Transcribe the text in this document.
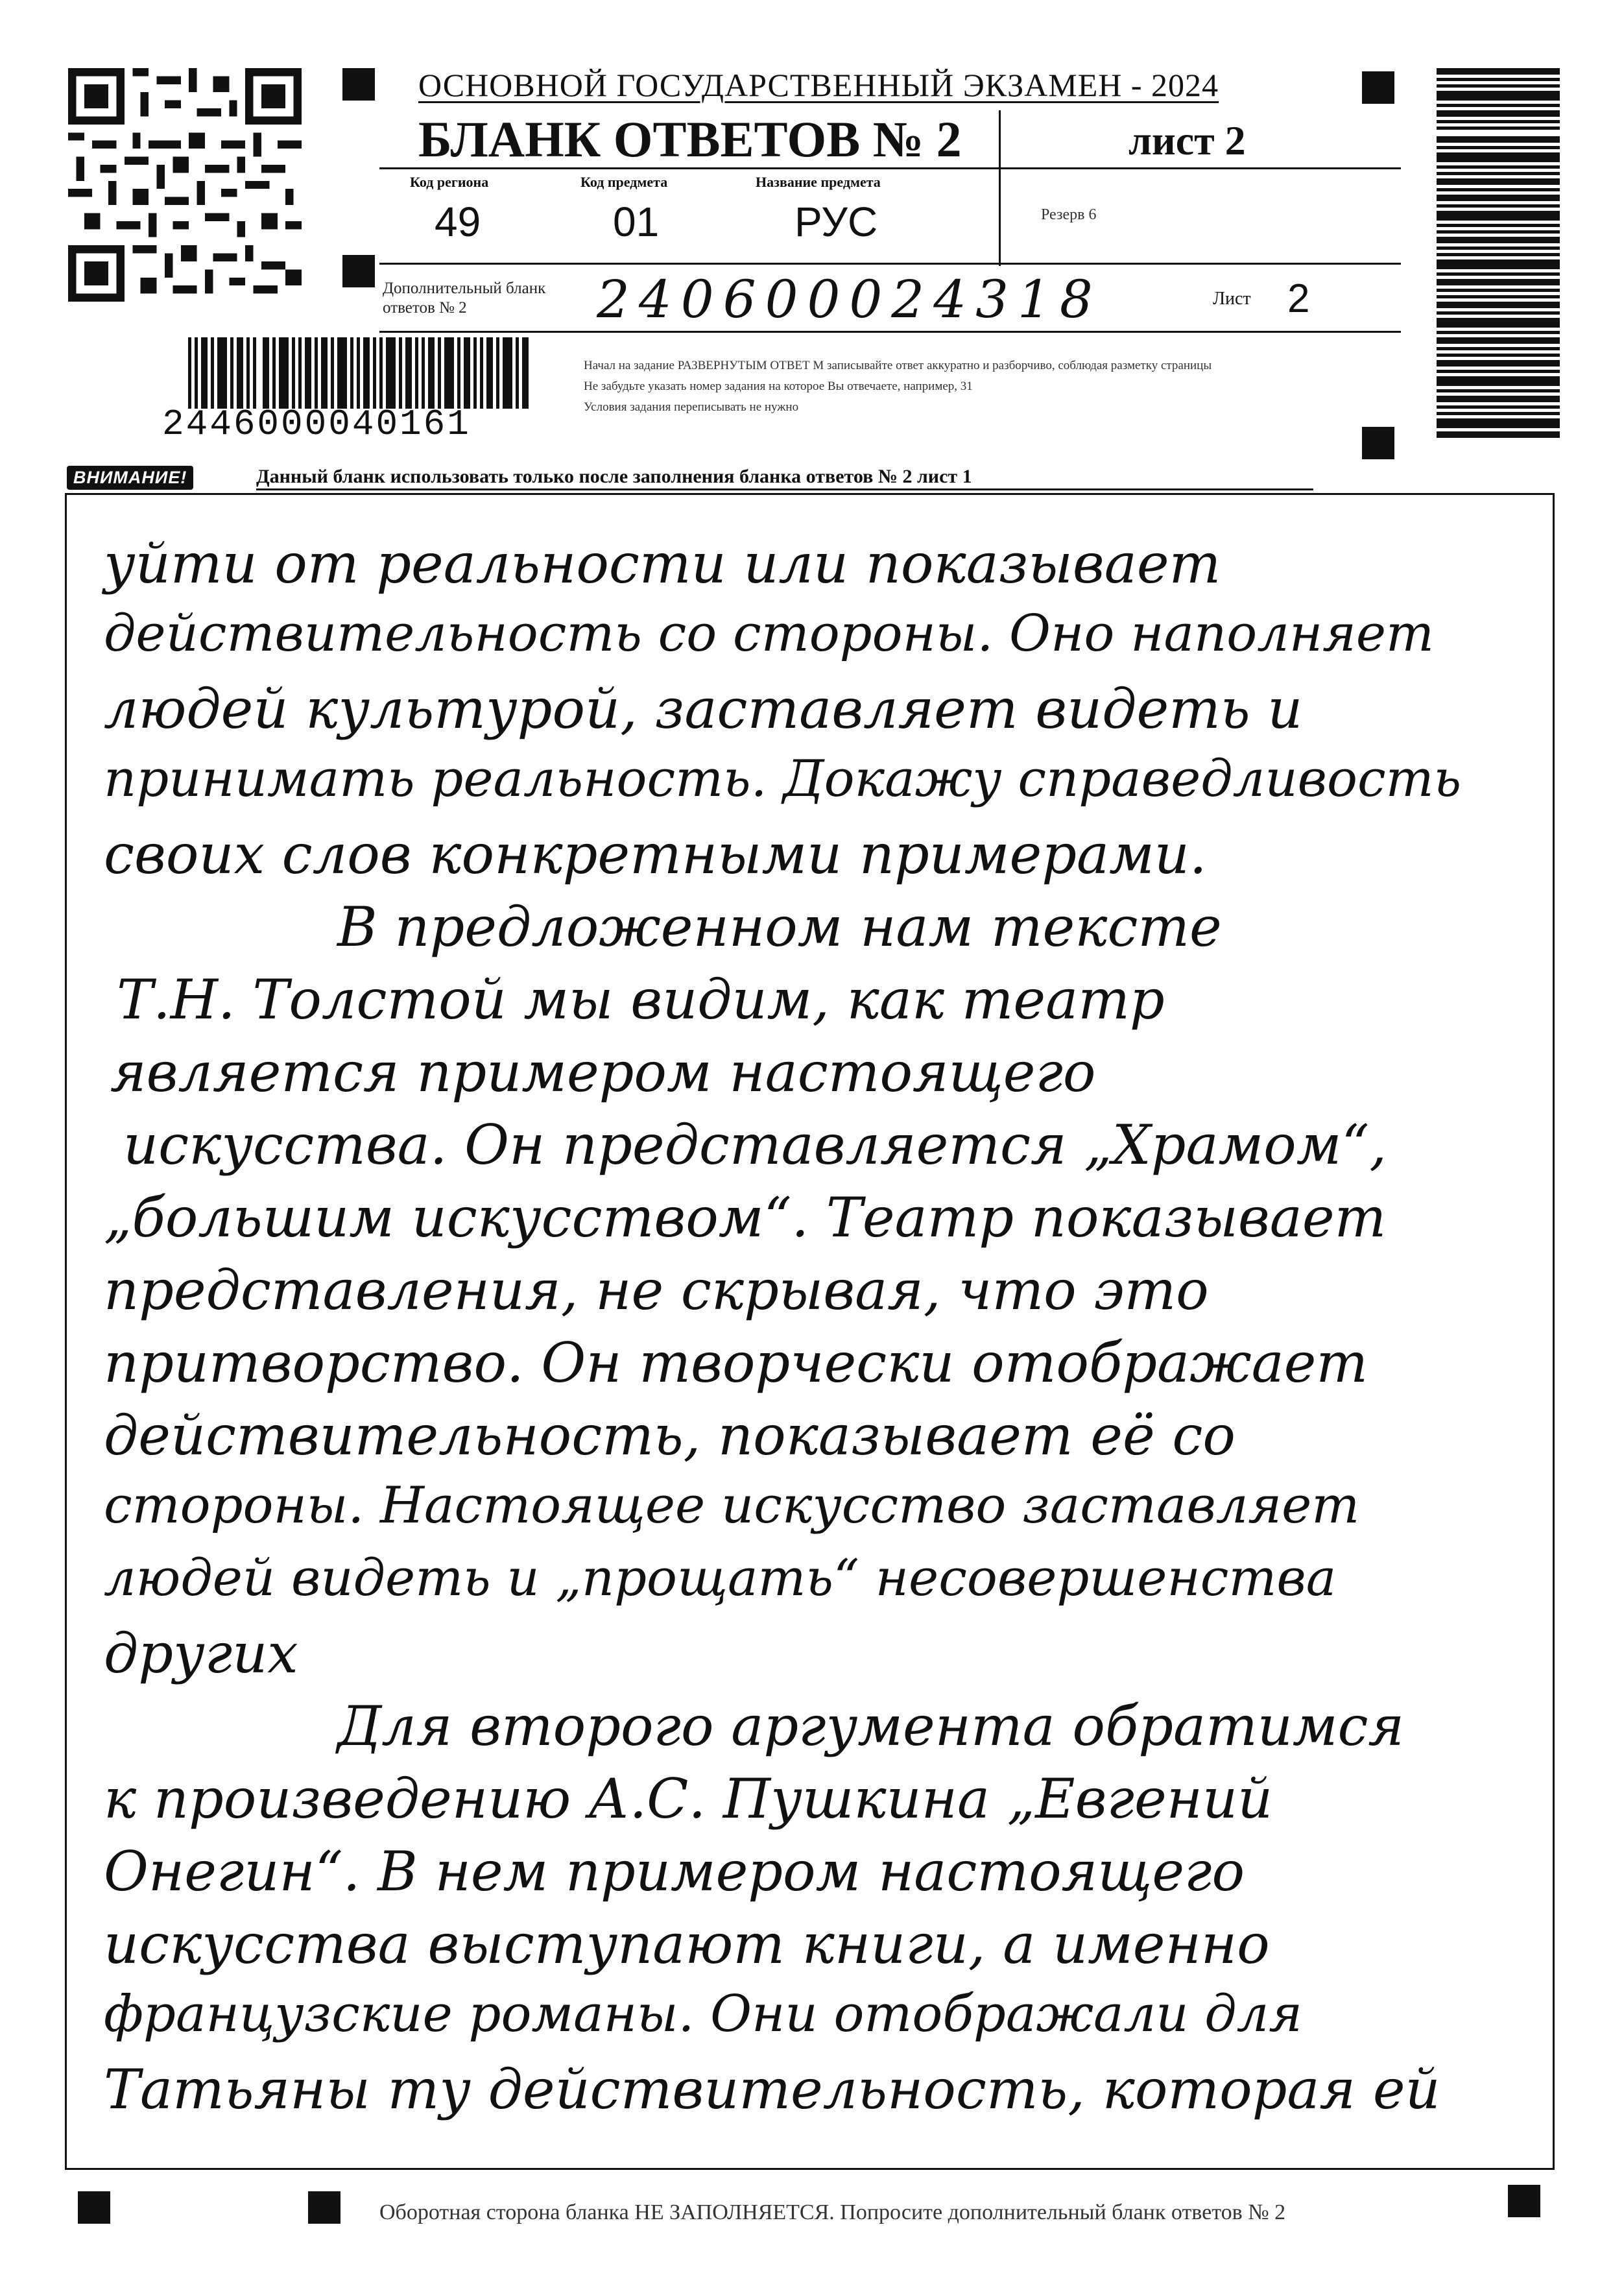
ОСНОВНОЙ ГОСУДАРСТВЕННЫЙ ЭКЗАМЕН - 2024
БЛАНК ОТВЕТОВ № 2	лист 2
Код региона
49
Код предмета
01
Название предмета
РУС	Резерв 6
Дополнительный бланк ответов № 2	240600024318	Лист 2
2446000040161
Начал на задание РАЗВЕРНУТЫМ ОТВЕТ М записывайте ответ аккуратно и разборчиво, соблюдая разметку страницы
Не забудьте указать номер задания на которое Вы отвечаете, например, 31
Условия задания переписывать не нужно
ВНИМАНИЕ!	Данный бланк использовать только после заполнения бланка ответов № 2 лист 1
уйти от реальности или показывает
действительность со стороны. Оно наполняет
людей культурой, заставляет видеть и
принимать реальность. Докажу справедливость
своих слов конкретными примерами.
В предложенном нам тексте
Т.Н. Толстой мы видим, как театр
является примером настоящего
искусства. Он представляется „Храмом“,
„большим искусством“. Театр показывает
представления, не скрывая, что это
притворство. Он творчески отображает
действительность, показывает её со
стороны. Настоящее искусство заставляет
людей видеть и „прощать“ несовершенства
других
Для второго аргумента обратимся
к произведению А.С. Пушкина „Евгений
Онегин“. В нем примером настоящего
искусства выступают книги, а именно
французские романы. Они отображали для
Татьяны ту действительность, которая ей
Оборотная сторона бланка НЕ ЗАПОЛНЯЕТСЯ. Попросите дополнительный бланк ответов № 2
